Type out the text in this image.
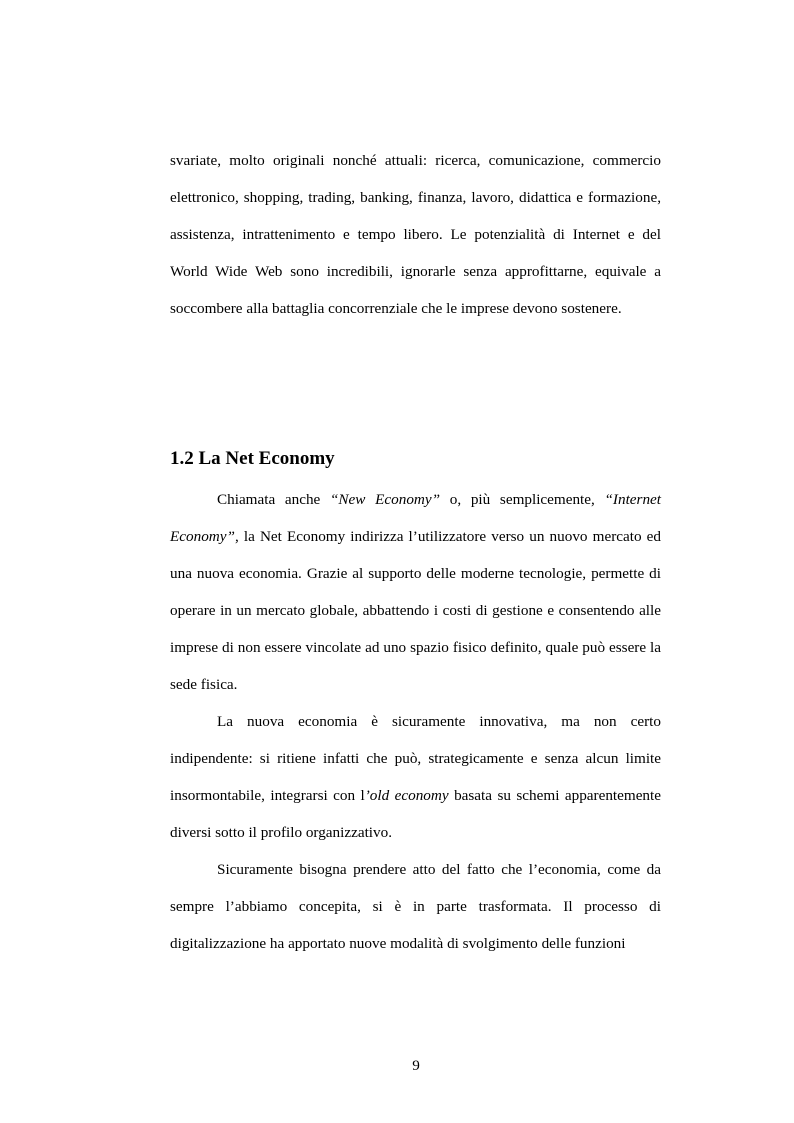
svariate, molto originali nonché attuali: ricerca, comunicazione, commercio elettronico, shopping, trading, banking, finanza, lavoro, didattica e formazione, assistenza, intrattenimento e tempo libero. Le potenzialità di Internet e del World Wide Web sono incredibili, ignorarle senza approfittarne, equivale a soccombere alla battaglia concorrenziale che le imprese devono sostenere.

1.2 La Net Economy

Chiamata anche “New Economy” o, più semplicemente, “Internet Economy”, la Net Economy indirizza l’utilizzatore verso un nuovo mercato ed una nuova economia. Grazie al supporto delle moderne tecnologie, permette di operare in un mercato globale, abbattendo i costi di gestione e consentendo alle imprese di non essere vincolate ad uno spazio fisico definito, quale può essere la sede fisica.

La nuova economia è sicuramente innovativa, ma non certo indipendente: si ritiene infatti che può, strategicamente e senza alcun limite insormontabile, integrarsi con l’old economy basata su schemi apparentemente diversi sotto il profilo organizzativo.

Sicuramente bisogna prendere atto del fatto che l’economia, come da sempre l’abbiamo concepita, si è in parte trasformata. Il processo di digitalizzazione ha apportato nuove modalità di svolgimento delle funzioni

9
